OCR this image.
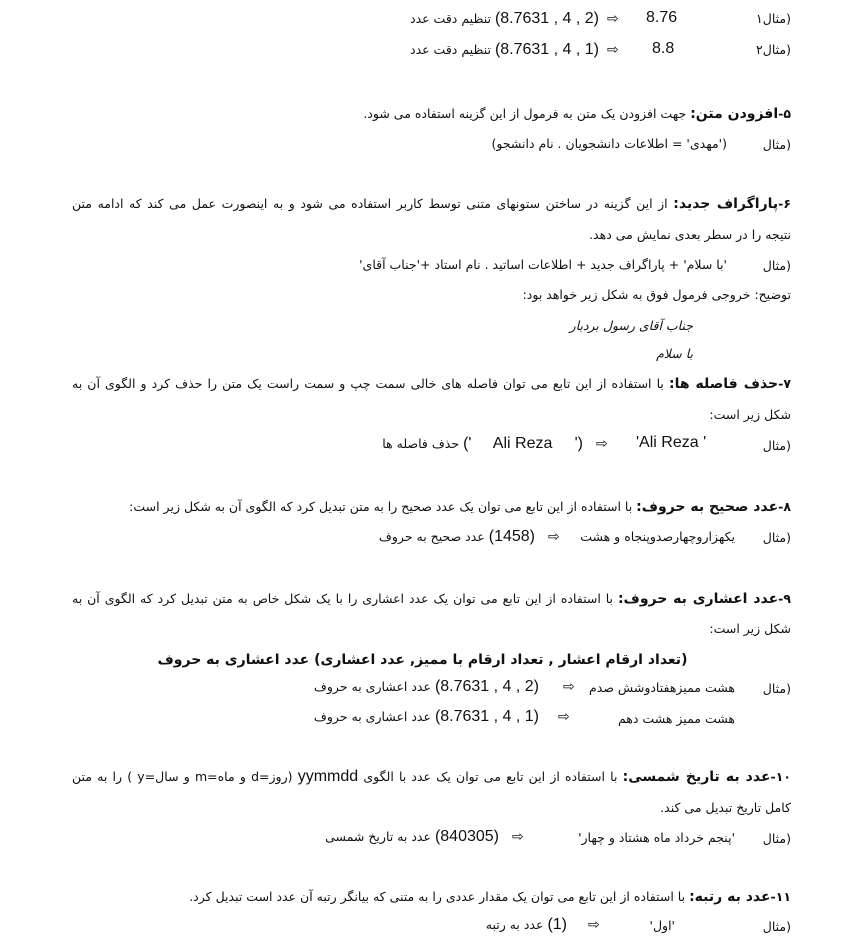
مثال۱)
8.76
⇨
(8.7631 , 4 , 2) تنظیم دقت عدد
مثال۲)
8.8
⇨
(8.7631 , 4 , 1) تنظیم دقت عدد
۵-افزودن متن: جهت افزودن یک متن به فرمول از این گزینه استفاده می شود.
مثال)
('مهدی' = اطلاعات دانشجویان . نام دانشجو)
۶-پاراگراف جدید: از این گزینه در ساختن ستونهای متنی توسط کاربر استفاده می شود و به اینصورت عمل می کند که ادامه متن
نتیجه را در سطر بعدی نمایش می دهد.
مثال)
'با سلام' + پاراگراف جدید + اطلاعات اساتید . نام استاد +'جناب آقای'
توضیح: خروجی فرمول فوق به شکل زیر خواهد بود:
جناب آقای رسول بردبار
با سلام
۷-حذف فاصله ها: با استفاده از این تابع می توان فاصله های خالی سمت چپ و سمت راست یک متن را حذف کرد و الگوی آن به
شکل زیر است:
مثال)
'Ali Reza '
⇨
('     Ali Reza     ') حذف فاصله ها
۸-عدد صحیح به حروف: با استفاده از این تابع می توان یک عدد صحیح را به متن تبدیل کرد که الگوی آن به شکل زیر است:
مثال)
یکهزاروچهارصدوپنجاه و هشت
⇨
(1458) عدد صحیح به حروف
۹-عدد اعشاری به حروف: با استفاده از این تابع می توان یک عدد اعشاری را با یک شکل خاص به متن تبدیل کرد که الگوی آن به
شکل زیر است:
(تعداد ارقام اعشار , تعداد ارقام با ممیز, عدد اعشاری) عدد اعشاری به حروف
مثال)
هشت ممیزهفتادوشش صدم
⇨
(8.7631 , 4 , 2) عدد اعشاری به حروف
هشت ممیز هشت دهم
⇨
(8.7631 , 4 , 1) عدد اعشاری به حروف
۱۰-عدد به تاریخ شمسی: با استفاده از این تابع می توان یک عدد با الگوی yymmdd (روز=d و ماه=m و سال=y ) را به متن
کامل تاریخ تبدیل می کند.
مثال)
'پنجم خرداد ماه هشتاد و چهار'
⇨
(840305) عدد به تاریخ شمسی
۱۱-عدد به رتبه: با استفاده از این تابع می توان یک مقدار عددی را به متنی که بیانگر رتبه آن عدد است تبدیل کرد.
مثال)
'اول'
⇨
(1) عدد به رتبه
